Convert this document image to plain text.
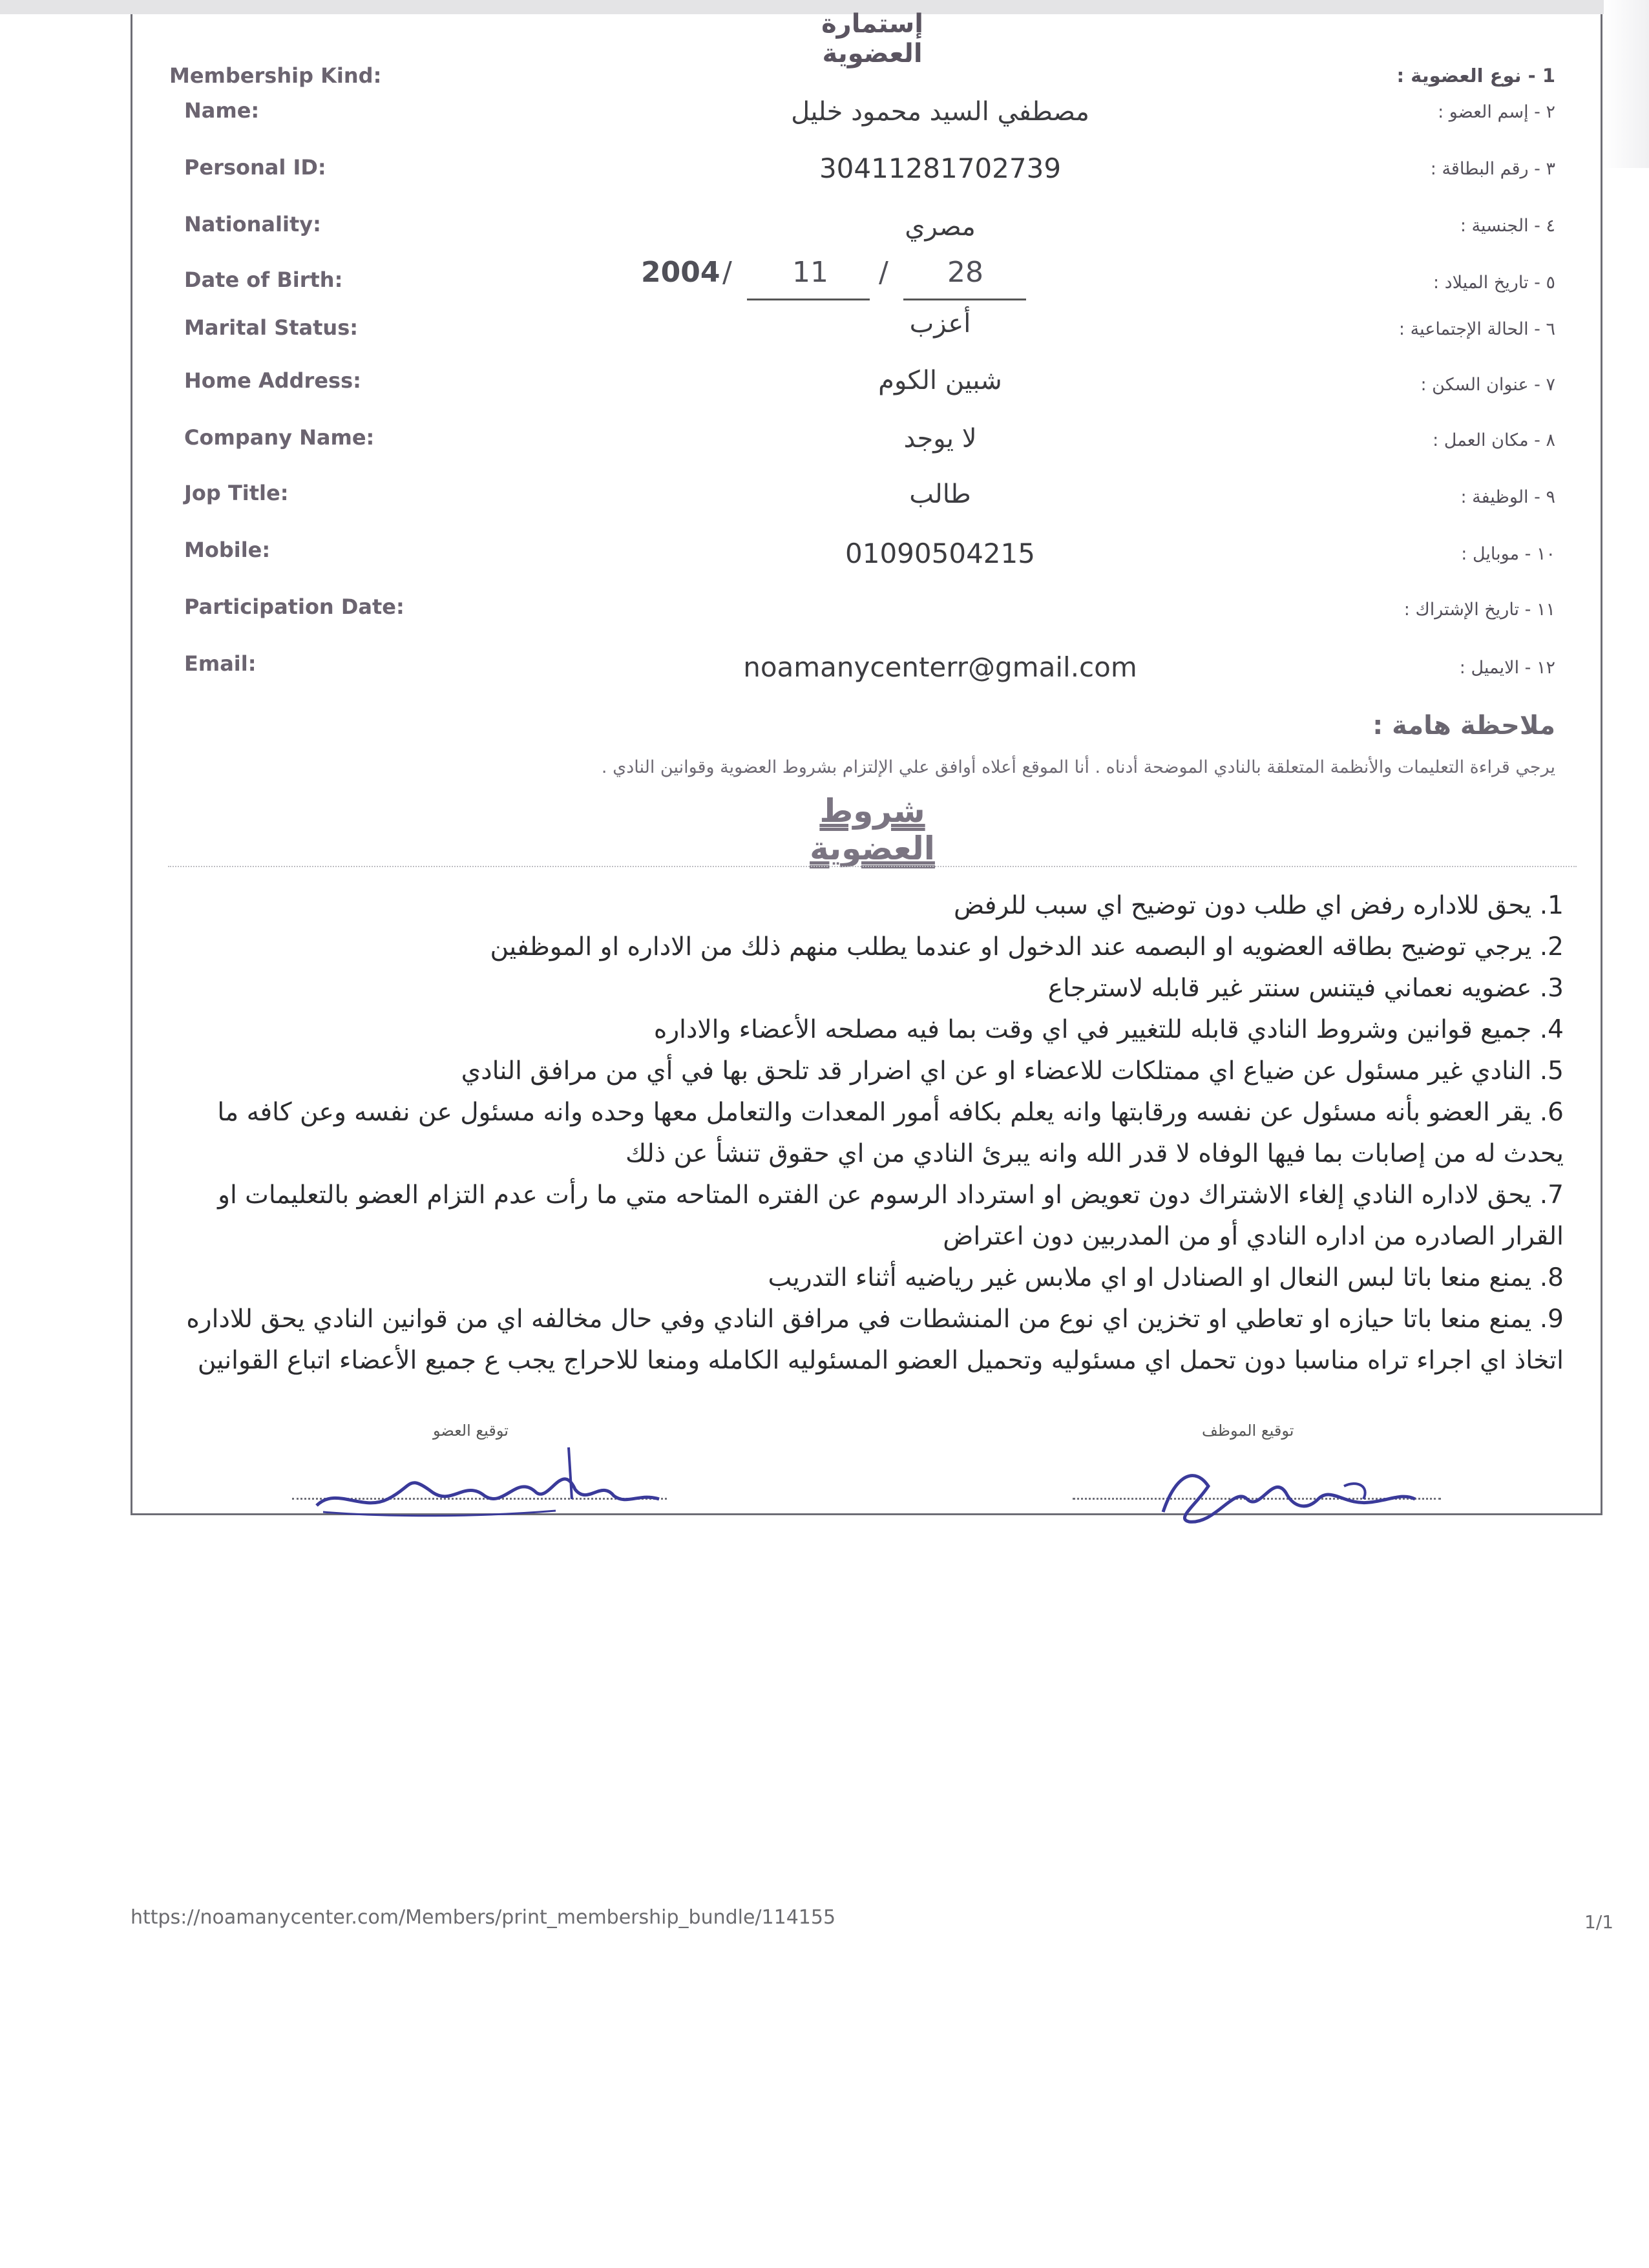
إستمارة العضوية
Membership Kind:
Name:
Personal ID:
Nationality:
Date of Birth:
Marital Status:
Home Address:
Company Name:
Jop Title:
Mobile:
Participation Date:
Email:
1 - نوع العضوية :
٢ - إسم العضو :
٣ - رقم البطاقة :
٤ - الجنسية :
٥ - تاريخ الميلاد :
٦ - الحالة الإجتماعية :
٧ - عنوان السكن :
٨ - مكان العمل :
٩ - الوظيفة :
١٠ - موبايل :
١١ - تاريخ الإشتراك :
١٢ - الايميل :
مصطفي السيد محمود خليل
30411281702739
مصري
2004 / 11 / 28
أعزب
شبين الكوم
لا يوجد
طالب
01090504215
noamanycenterr@gmail.com
ملاحظة هامة :
يرجي قراءة التعليمات والأنظمة المتعلقة بالنادي الموضحة أدناه . أنا الموقع أعلاه أوافق علي الإلتزام بشروط العضوية وقوانين النادي .
شروط العضوية
1. يحق للاداره رفض اي طلب دون توضيح اي سبب للرفض
2. يرجي توضيح بطاقه العضويه او البصمه عند الدخول او عندما يطلب منهم ذلك من الاداره او الموظفين
3. عضويه نعماني فيتنس سنتر غير قابله لاسترجاع
4. جميع قوانين وشروط النادي قابله للتغيير في اي وقت بما فيه مصلحه الأعضاء والاداره
5. النادي غير مسئول عن ضياع اي ممتلكات للاعضاء او عن اي اضرار قد تلحق بها في أي من مرافق النادي
6. يقر العضو بأنه مسئول عن نفسه ورقابتها وانه يعلم بكافه أمور المعدات والتعامل معها وحده وانه مسئول عن نفسه وعن كافه ما يحدث له من إصابات بما فيها الوفاه لا قدر الله وانه يبرئ النادي من اي حقوق تنشأ عن ذلك
7. يحق لاداره النادي إلغاء الاشتراك دون تعويض او استرداد الرسوم عن الفتره المتاحه متي ما رأت عدم التزام العضو بالتعليمات او القرار الصادره من اداره النادي أو من المدربين دون اعتراض
8. يمنع منعا باتا لبس النعال او الصنادل او اي ملابس غير رياضيه أثناء التدريب
9. يمنع منعا باتا حيازه او تعاطي او تخزين اي نوع من المنشطات في مرافق النادي وفي حال مخالفه اي من قوانين النادي يحق للاداره اتخاذ اي اجراء تراه مناسبا دون تحمل اي مسئوليه وتحميل العضو المسئوليه الكامله ومنعا للاحراج يجب ع جميع الأعضاء اتباع القوانين
توقيع العضو	توقيع الموظف
https://noamanycenter.com/Members/print_membership_bundle/114155	1/1
